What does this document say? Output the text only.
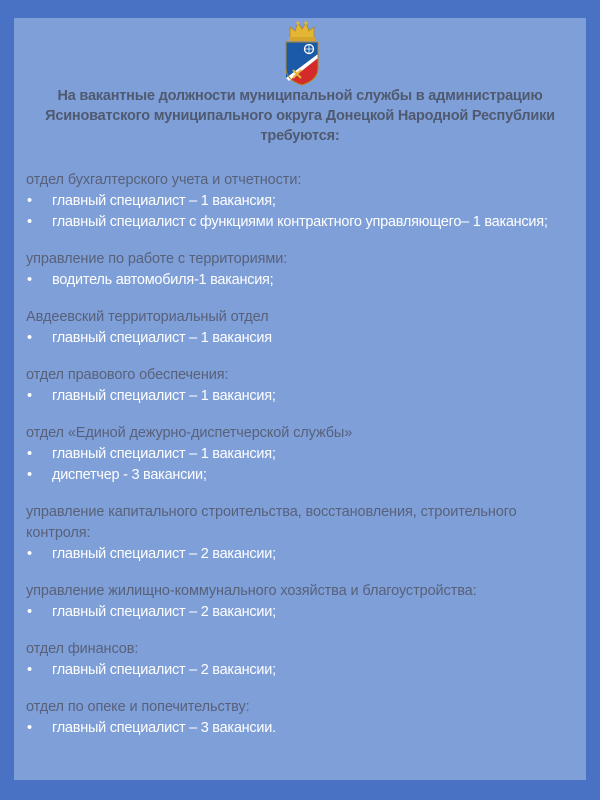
На вакантные должности муниципальной службы в администрацию Ясиноватского муниципального округа Донецкой Народной Республики требуются:
отдел бухгалтерского учета и отчетности:
• главный специалист – 1 вакансия;
• главный специалист с функциями контрактного управляющего– 1 вакансия;
управление по работе с территориями:
• водитель автомобиля-1 вакансия;
Авдеевский территориальный отдел
• главный специалист – 1 вакансия
отдел правового обеспечения:
• главный специалист – 1 вакансия;
отдел «Единой дежурно-диспетчерской службы»
• главный специалист – 1 вакансия;
• диспетчер - 3 вакансии;
управление капитального строительства, восстановления, строительного контроля:
• главный специалист – 2 вакансии;
управление жилищно-коммунального хозяйства и благоустройства:
• главный специалист – 2 вакансии;
отдел финансов:
• главный специалист – 2 вакансии;
отдел по опеке и попечительству:
• главный специалист – 3 вакансии.
